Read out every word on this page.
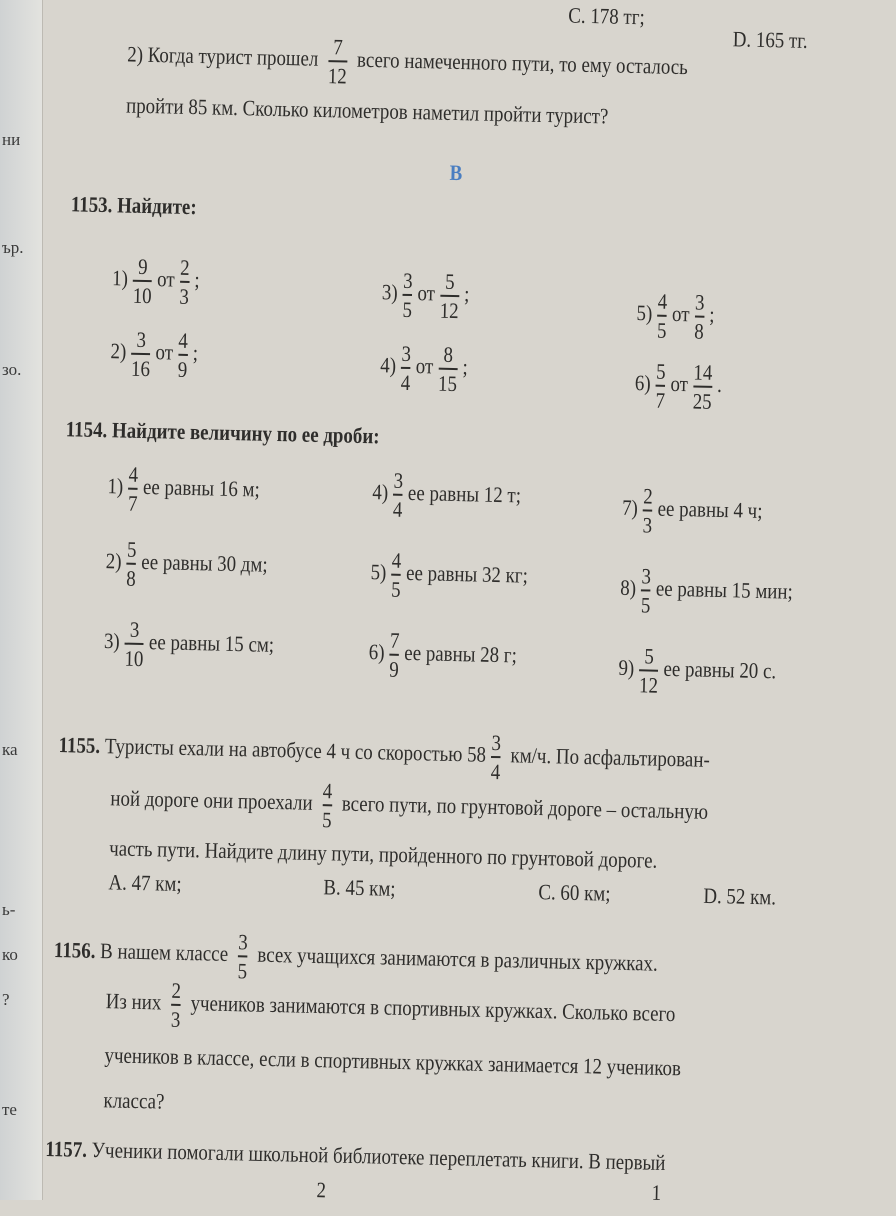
ни
ър.
зо.
ка
ь-
ко
?
те
C. 178 тг;
D. 165 тг.
2) Когда турист прошел $\frac{7}{12}$ всего намеченного пути, то ему осталось
пройти 85 км. Сколько километров наметил пройти турист?
B
1153. Найдите:
$1) \frac{9}{10}$ от $\frac{2}{3}$ ;
$2) \frac{3}{16}$ от $\frac{4}{9}$ ;
$3) \frac{3}{5}$ от $\frac{5}{12}$ ;
$4) \frac{3}{4}$ от $\frac{8}{15}$ ;
$5) \frac{4}{5}$ от $\frac{3}{8}$ ;
$6) \frac{5}{7}$ от $\frac{14}{25}$ .
1154. Найдите величину по ее дроби:
$1) \frac{4}{7}$ ее равны 16 м;
$2) \frac{5}{8}$ ее равны 30 дм;
$3) \frac{3}{10}$ ее равны 15 см;
$4) \frac{3}{4}$ ее равны 12 т;
$5) \frac{4}{5}$ ее равны 32 кг;
$6) \frac{7}{9}$ ее равны 28 г;
$7) \frac{2}{3}$ ее равны 4 ч;
$8) \frac{3}{5}$ ее равны 15 мин;
$9) \frac{5}{12}$ ее равны 20 с.
1155. Туристы ехали на автобусе 4 ч со скоростью $58 \frac{3}{4} км/ч$. По асфальтирован-
ной дороге они проехали $\frac{4}{5}$ всего пути, по грунтовой дороге – остальную
часть пути. Найдите длину пути, пройденного по грунтовой дороге.
A. 47 км;	B. 45 км;	C. 60 км;	D. 52 км.
1156. В нашем классе $\frac{3}{5}$ всех учащихся занимаются в различных кружках.
Из них $\frac{2}{3}$ учеников занимаются в спортивных кружках. Сколько всего
учеников в классе, если в спортивных кружках занимается 12 учеников
класса?
1157. Ученики помогали школьной библиотеке переплетать книги. В первый
2	1
